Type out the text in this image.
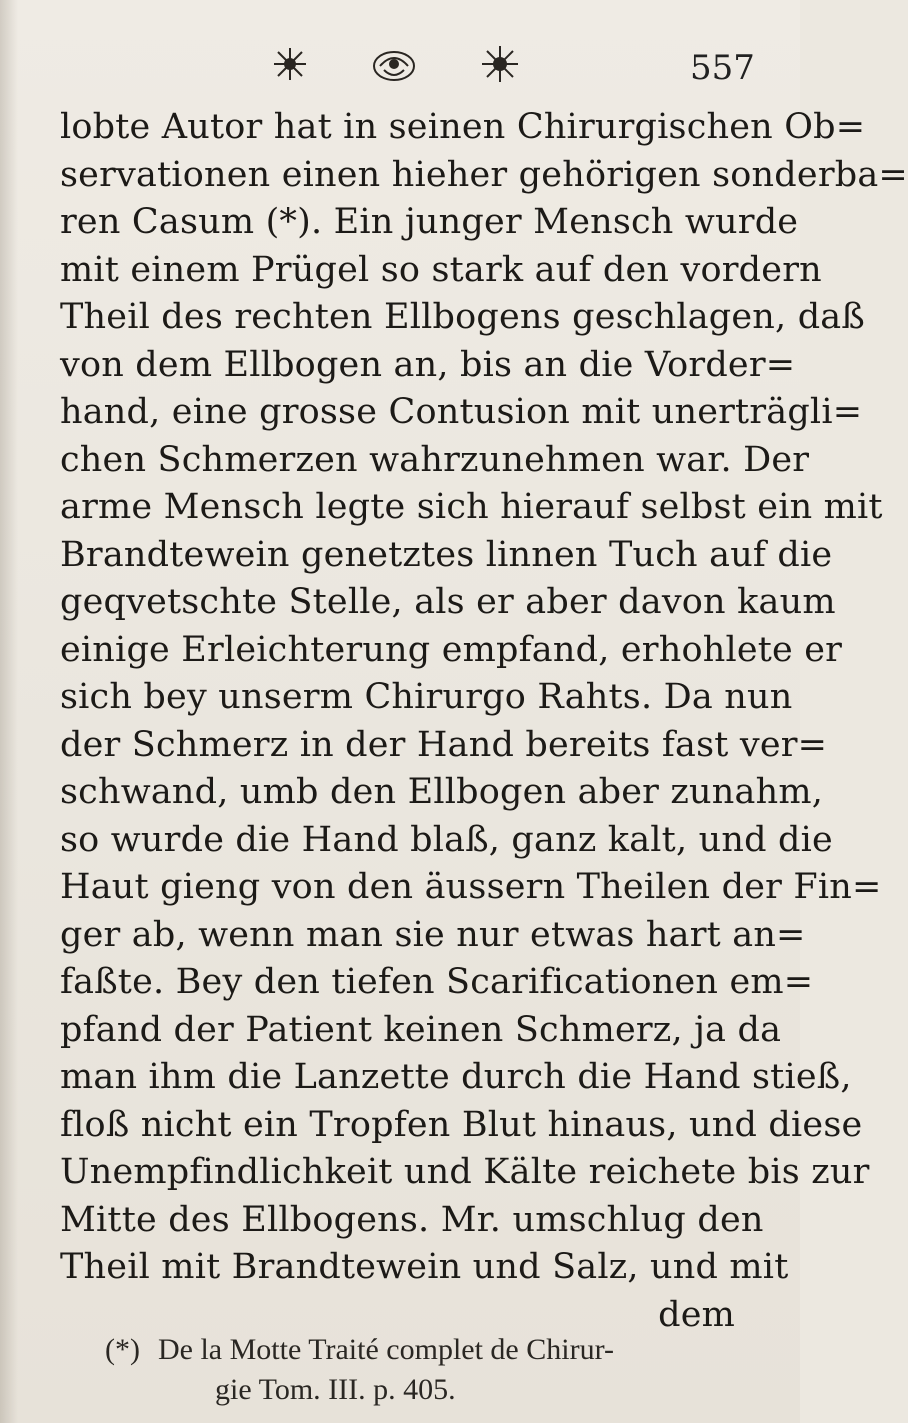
557
lobte Autor hat in seinen Chirurgischen Ob=
servationen einen hieher gehörigen sonderba=
ren Casum (*). Ein junger Mensch wurde
mit einem Prügel so stark auf den vordern
Theil des rechten Ellbogens geschlagen, daß
von dem Ellbogen an, bis an die Vorder=
hand, eine grosse Contusion mit unerträgli=
chen Schmerzen wahrzunehmen war. Der
arme Mensch legte sich hierauf selbst ein mit
Brandtewein genetztes linnen Tuch auf die
geqvetschte Stelle, als er aber davon kaum
einige Erleichterung empfand, erhohlete er
sich bey unserm Chirurgo Rahts. Da nun
der Schmerz in der Hand bereits fast ver=
schwand, umb den Ellbogen aber zunahm,
so wurde die Hand blaß, ganz kalt, und die
Haut gieng von den äussern Theilen der Fin=
ger ab, wenn man sie nur etwas hart an=
faßte. Bey den tiefen Scarificationen em=
pfand der Patient keinen Schmerz, ja da
man ihm die Lanzette durch die Hand stieß,
floß nicht ein Tropfen Blut hinaus, und diese
Unempfindlichkeit und Kälte reichete bis zur
Mitte des Ellbogens. Mr. umschlug den
Theil mit Brandtewein und Salz, und mit
dem
(*) De la Motte Traité complet de Chirur-
gie Tom. III. p. 405.
